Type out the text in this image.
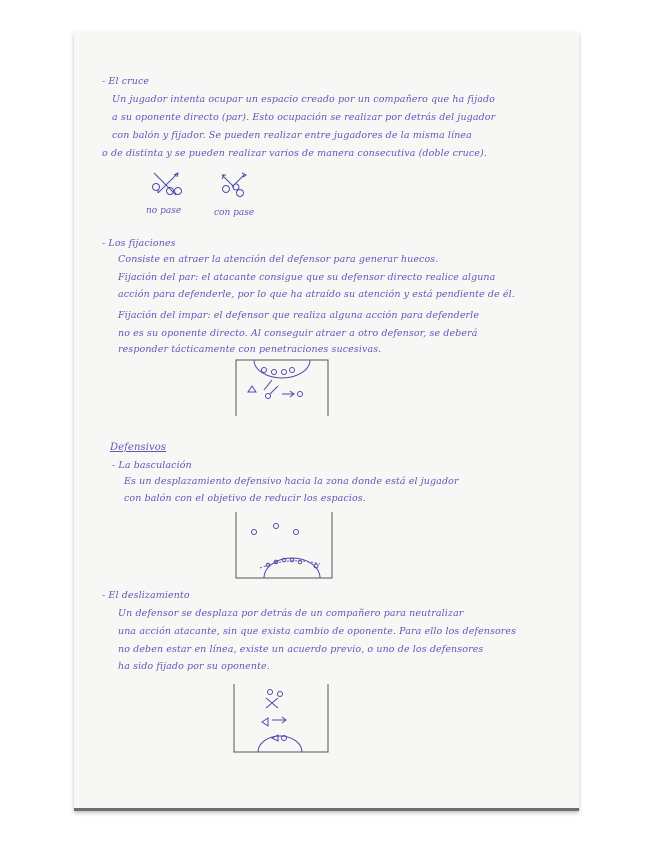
- El cruce
Un jugador intenta ocupar un espacio creado por un compañero que ha fijado
a su oponente directo (par). Esto ocupación se realizar por detrás del jugador
con balón y fijador. Se pueden realizar entre jugadores de la misma línea
o de distinta y se pueden realizar varios de manera consecutiva (doble cruce).
no pase	con pase
- Los fijaciones
Consiste en atraer la atención del defensor para generar huecos.
Fijación del par: el atacante consigue que su defensor directo realice alguna
acción para defenderle, por lo que ha atraído su atención y está pendiente de él.
Fijación del impar: el defensor que realiza alguna acción para defenderle
no es su oponente directo. Al conseguir atraer a otro defensor, se deberá
responder tácticamente con penetraciones sucesivas.
Defensivos
- La basculación
Es un desplazamiento defensivo hacia la zona donde está el jugador
con balón con el objetivo de reducir los espacios.
- El deslizamiento
Un defensor se desplaza por detrás de un compañero para neutralizar
una acción atacante, sin que exista cambio de oponente. Para ello los defensores
no deben estar en línea, existe un acuerdo previo, o uno de los defensores
ha sido fijado por su oponente.
